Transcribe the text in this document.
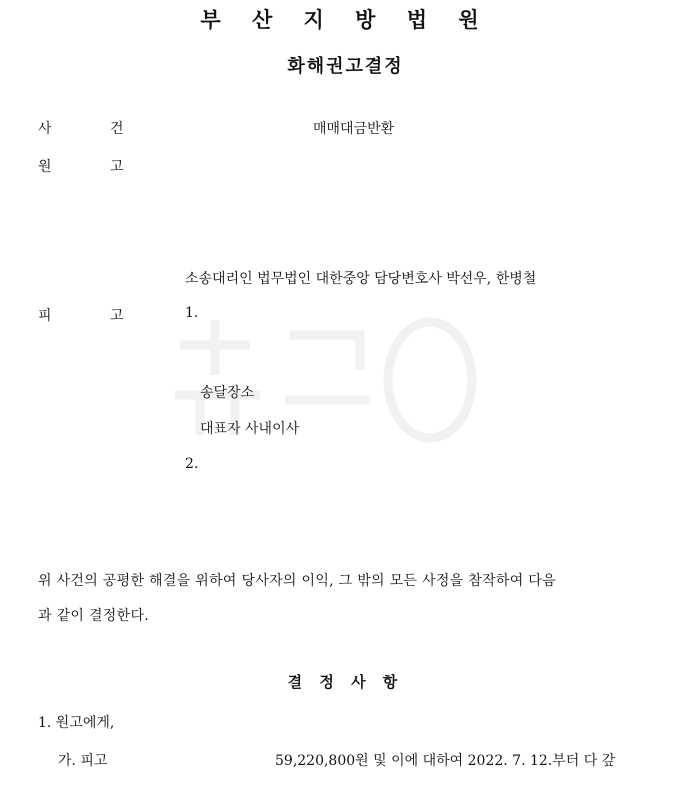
부 산 지 방 법 원
화해권고결정
사	건	매매대금반환
원	고
소송대리인 법무법인 대한중앙 담당변호사 박선우, 한병철
피	고	1.
송달장소
대표자 사내이사
2.
위 사건의 공평한 해결을 위하여 당사자의 이익, 그 밖의 모든 사정을 참작하여 다음
과 같이 결정한다.
결 정 사 항
1. 원고에게,
가. 피고	59,220,800원 및 이에 대하여 2022. 7. 12.부터 다 갚
